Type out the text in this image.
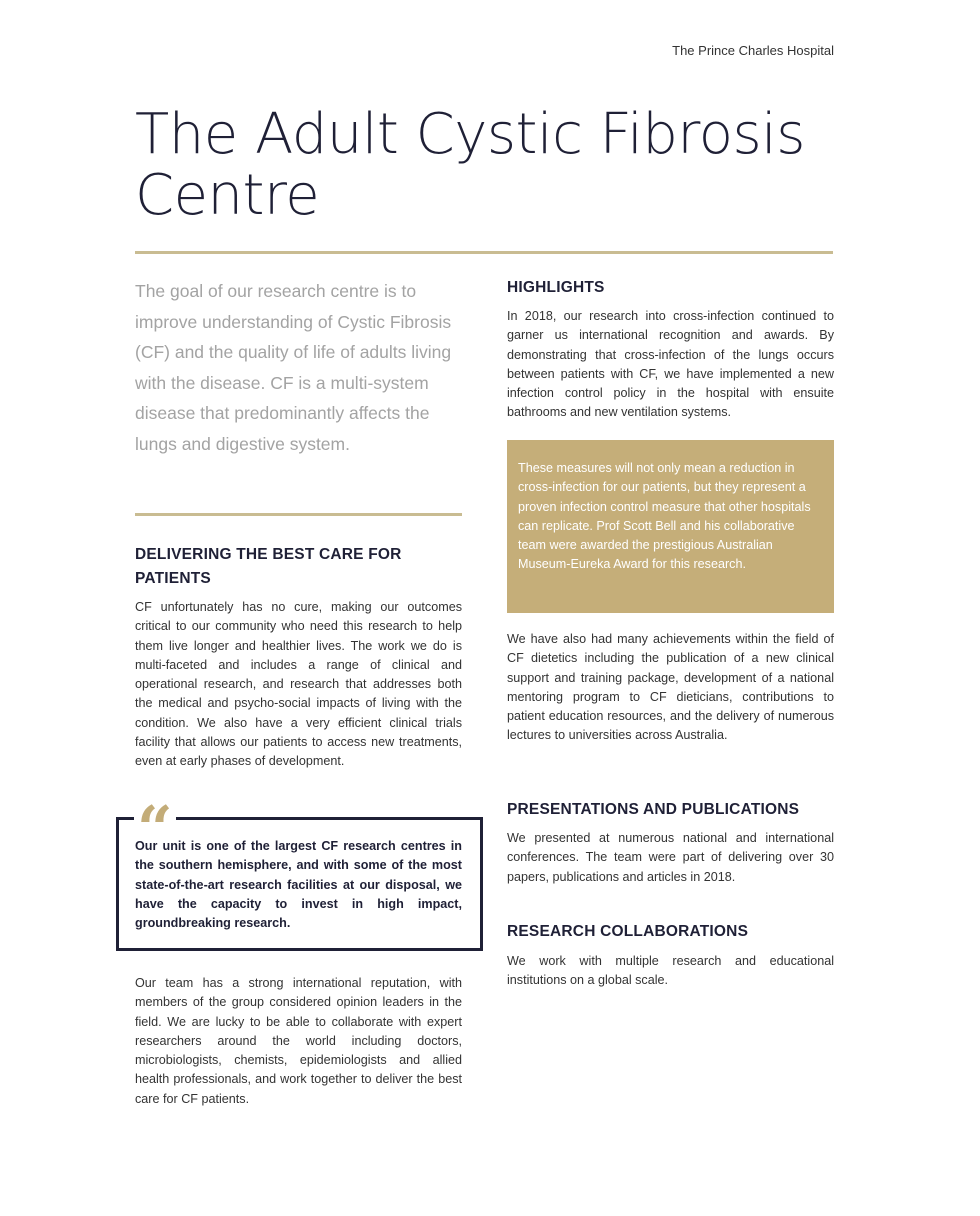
The Prince Charles Hospital
The Adult Cystic Fibrosis Centre

The goal of our research centre is to improve understanding of Cystic Fibrosis (CF) and the quality of life of adults living with the disease. CF is a multi-system disease that predominantly affects the lungs and digestive system.

DELIVERING THE BEST CARE FOR PATIENTS

CF unfortunately has no cure, making our outcomes critical to our community who need this research to help them live longer and healthier lives. The work we do is multi-faceted and includes a range of clinical and operational research, and research that addresses both the medical and psycho-social impacts of living with the condition. We also have a very efficient clinical trials facility that allows our patients to access new treatments, even at early phases of development.

“

Our unit is one of the largest CF research centres in the southern hemisphere, and with some of the most state-of-the-art research facilities at our disposal, we have the capacity to invest in high impact, groundbreaking research.

Our team has a strong international reputation, with members of the group considered opinion leaders in the field. We are lucky to be able to collaborate with expert researchers around the world including doctors, microbiologists, chemists, epidemiologists and allied health professionals, and work together to deliver the best care for CF patients.

HIGHLIGHTS

In 2018, our research into cross-infection continued to garner us international recognition and awards. By demonstrating that cross-infection of the lungs occurs between patients with CF, we have implemented a new infection control policy in the hospital with ensuite bathrooms and new ventilation systems.

These measures will not only mean a reduction in cross-infection for our patients, but they represent a proven infection control measure that other hospitals can replicate. Prof Scott Bell and his collaborative team were awarded the prestigious Australian Museum-Eureka Award for this research.

We have also had many achievements within the field of CF dietetics including the publication of a new clinical support and training package, development of a national mentoring program to CF dieticians, contributions to patient education resources, and the delivery of numerous lectures to universities across Australia.

PRESENTATIONS AND PUBLICATIONS

We presented at numerous national and international conferences. The team were part of delivering over 30 papers, publications and articles in 2018.

RESEARCH COLLABORATIONS

We work with multiple research and educational institutions on a global scale.
